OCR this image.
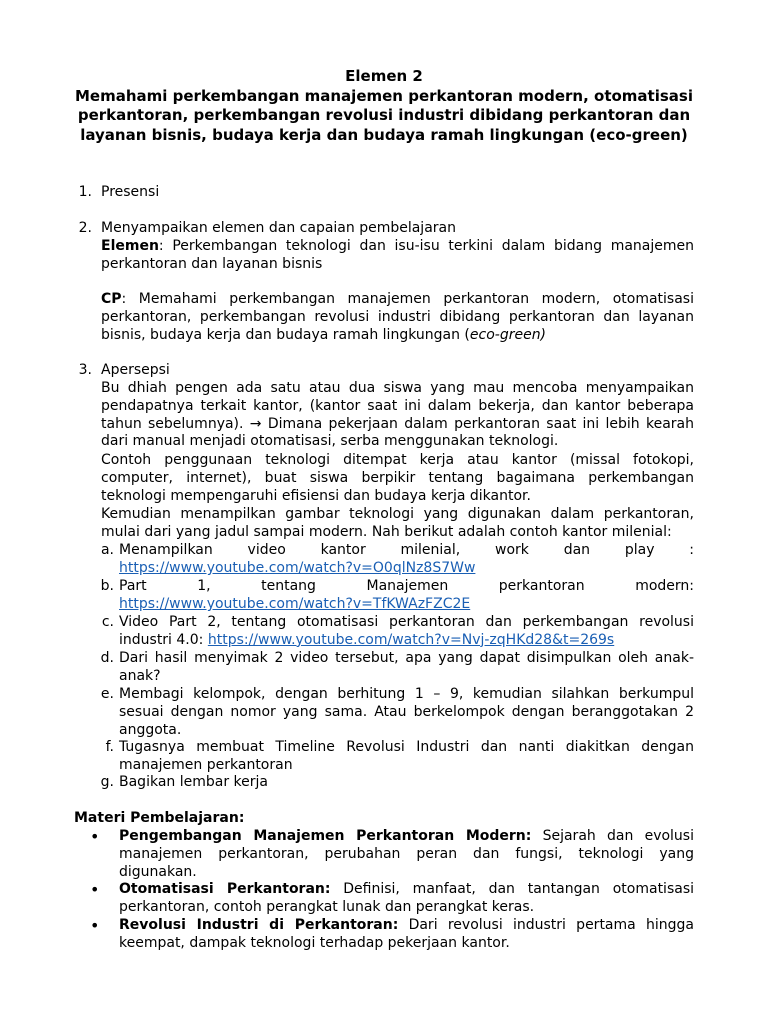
Elemen 2
Memahami perkembangan manajemen perkantoran modern, otomatisasi perkantoran, perkembangan revolusi industri dibidang perkantoran dan layanan bisnis, budaya kerja dan budaya ramah lingkungan (eco-green)
1. Presensi
2. Menyampaikan elemen dan capaian pembelajaran
Elemen: Perkembangan teknologi dan isu-isu terkini dalam bidang manajemen perkantoran dan layanan bisnis
CP: Memahami perkembangan manajemen perkantoran modern, otomatisasi perkantoran, perkembangan revolusi industri dibidang perkantoran dan layanan bisnis, budaya kerja dan budaya ramah lingkungan (eco-green)
3. Apersepsi
Bu dhiah pengen ada satu atau dua siswa yang mau mencoba menyampaikan pendapatnya terkait kantor, (kantor saat ini dalam bekerja, dan kantor beberapa tahun sebelumnya). → Dimana pekerjaan dalam perkantoran saat ini lebih kearah dari manual menjadi otomatisasi, serba menggunakan teknologi.
Contoh penggunaan teknologi ditempat kerja atau kantor (missal fotokopi, computer, internet), buat siswa berpikir tentang bagaimana perkembangan teknologi mempengaruhi efisiensi dan budaya kerja dikantor.
Kemudian menampilkan gambar teknologi yang digunakan dalam perkantoran, mulai dari yang jadul sampai modern. Nah berikut adalah contoh kantor milenial:
a. Menampilkan video kantor milenial, work dan play :
https://www.youtube.com/watch?v=O0qlNz8S7Ww
b. Part 1, tentang Manajemen perkantoran modern:
https://www.youtube.com/watch?v=TfKWAzFZC2E
c. Video Part 2, tentang otomatisasi perkantoran dan perkembangan revolusi industri 4.0: https://www.youtube.com/watch?v=Nvj-zqHKd28&t=269s
d. Dari hasil menyimak 2 video tersebut, apa yang dapat disimpulkan oleh anak-anak?
e. Membagi kelompok, dengan berhitung 1 – 9, kemudian silahkan berkumpul sesuai dengan nomor yang sama. Atau berkelompok dengan beranggotakan 2 anggota.
f. Tugasnya membuat Timeline Revolusi Industri dan nanti diakitkan dengan manajemen perkantoran
g. Bagikan lembar kerja
Materi Pembelajaran:
• Pengembangan Manajemen Perkantoran Modern: Sejarah dan evolusi manajemen perkantoran, perubahan peran dan fungsi, teknologi yang digunakan.
• Otomatisasi Perkantoran: Definisi, manfaat, dan tantangan otomatisasi perkantoran, contoh perangkat lunak dan perangkat keras.
• Revolusi Industri di Perkantoran: Dari revolusi industri pertama hingga keempat, dampak teknologi terhadap pekerjaan kantor.
